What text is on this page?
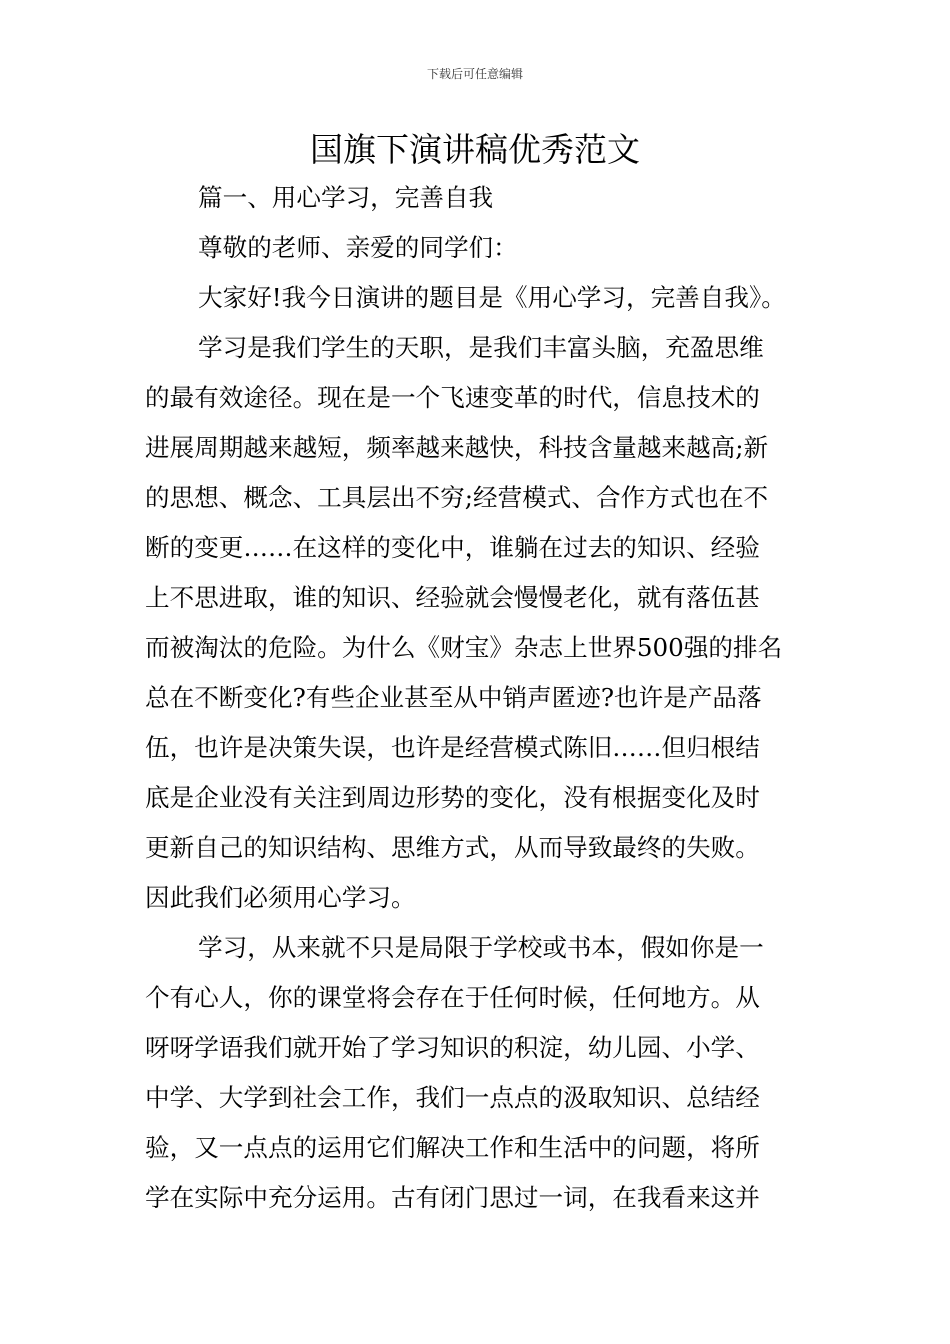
下载后可任意编辑
国旗下演讲稿优秀范文
篇一、用心学习，完善自我
尊敬的老师、亲爱的同学们：
大家好!我今日演讲的题目是《用心学习，完善自我》。
学习是我们学生的天职，是我们丰富头脑，充盈思维
的最有效途径。现在是一个飞速变革的时代，信息技术的
进展周期越来越短，频率越来越快，科技含量越来越高;新
的思想、概念、工具层出不穷;经营模式、合作方式也在不
断的变更……在这样的变化中，谁躺在过去的知识、经验
上不思进取，谁的知识、经验就会慢慢老化，就有落伍甚
而被淘汰的危险。为什么《财宝》杂志上世界500强的排名
总在不断变化?有些企业甚至从中销声匿迹?也许是产品落
伍，也许是决策失误，也许是经营模式陈旧……但归根结
底是企业没有关注到周边形势的变化，没有根据变化及时
更新自己的知识结构、思维方式，从而导致最终的失败。
因此我们必须用心学习。
学习，从来就不只是局限于学校或书本，假如你是一
个有心人，你的课堂将会存在于任何时候，任何地方。从
呀呀学语我们就开始了学习知识的积淀，幼儿园、小学、
中学、大学到社会工作，我们一点点的汲取知识、总结经
验，又一点点的运用它们解决工作和生活中的问题，将所
学在实际中充分运用。古有闭门思过一词，在我看来这并
